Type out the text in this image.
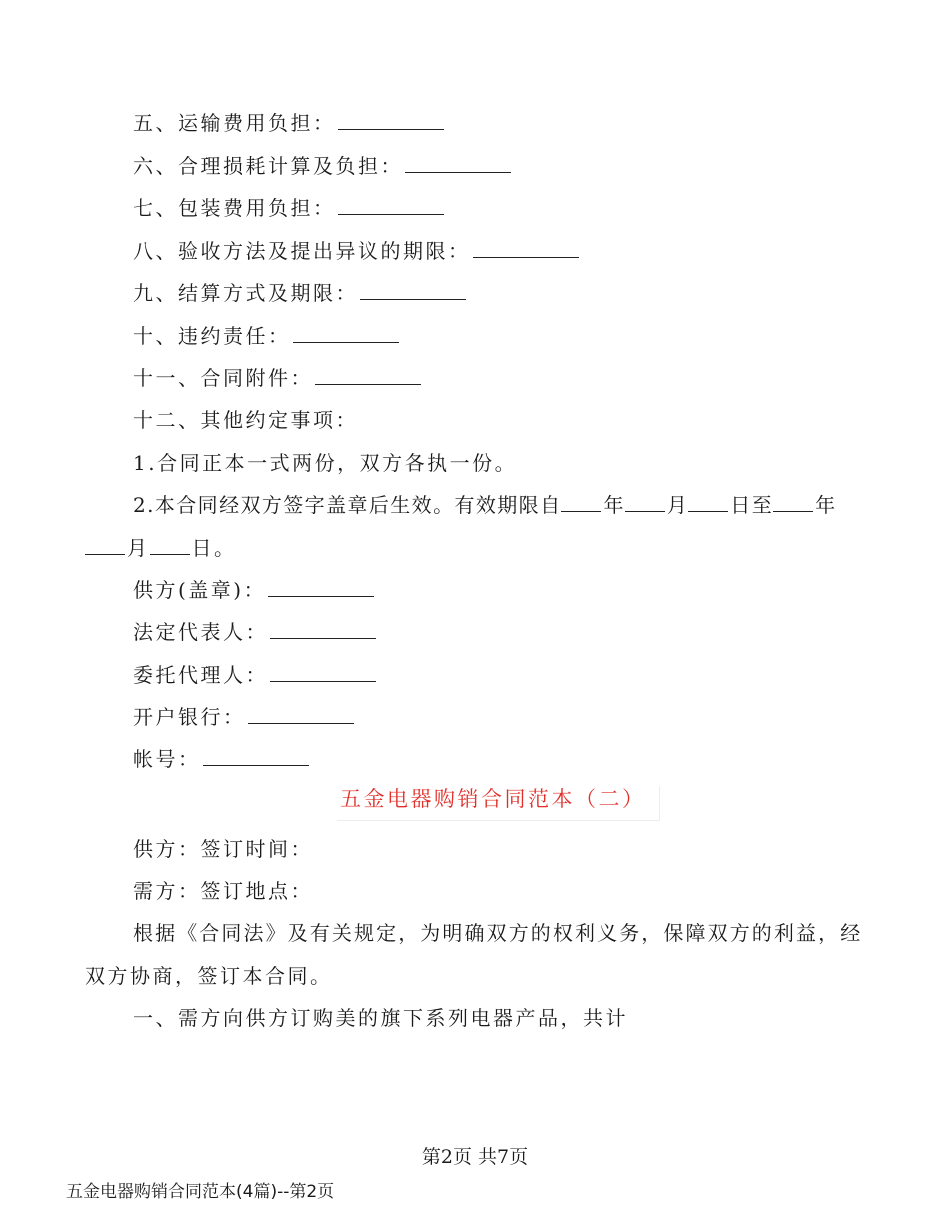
五、运输费用负担：
六、合理损耗计算及负担：
七、包装费用负担：
八、验收方法及提出异议的期限：
九、结算方式及期限：
十、违约责任：
十一、合同附件：
十二、其他约定事项：
1.合同正本一式两份，双方各执一份。
2.本合同经双方签字盖章后生效。有效期限自 年 月 日至 年
月 日。
供方(盖章)：
法定代表人：
委托代理人：
开户银行：
帐号：
五金电器购销合同范本（二）
供方：签订时间：
需方：签订地点：
根据《合同法》及有关规定，为明确双方的权利义务，保障双方的利益，经
双方协商，签订本合同。
一、需方向供方订购美的旗下系列电器产品，共计
第2页 共7页
五金电器购销合同范本(4篇)--第2页
